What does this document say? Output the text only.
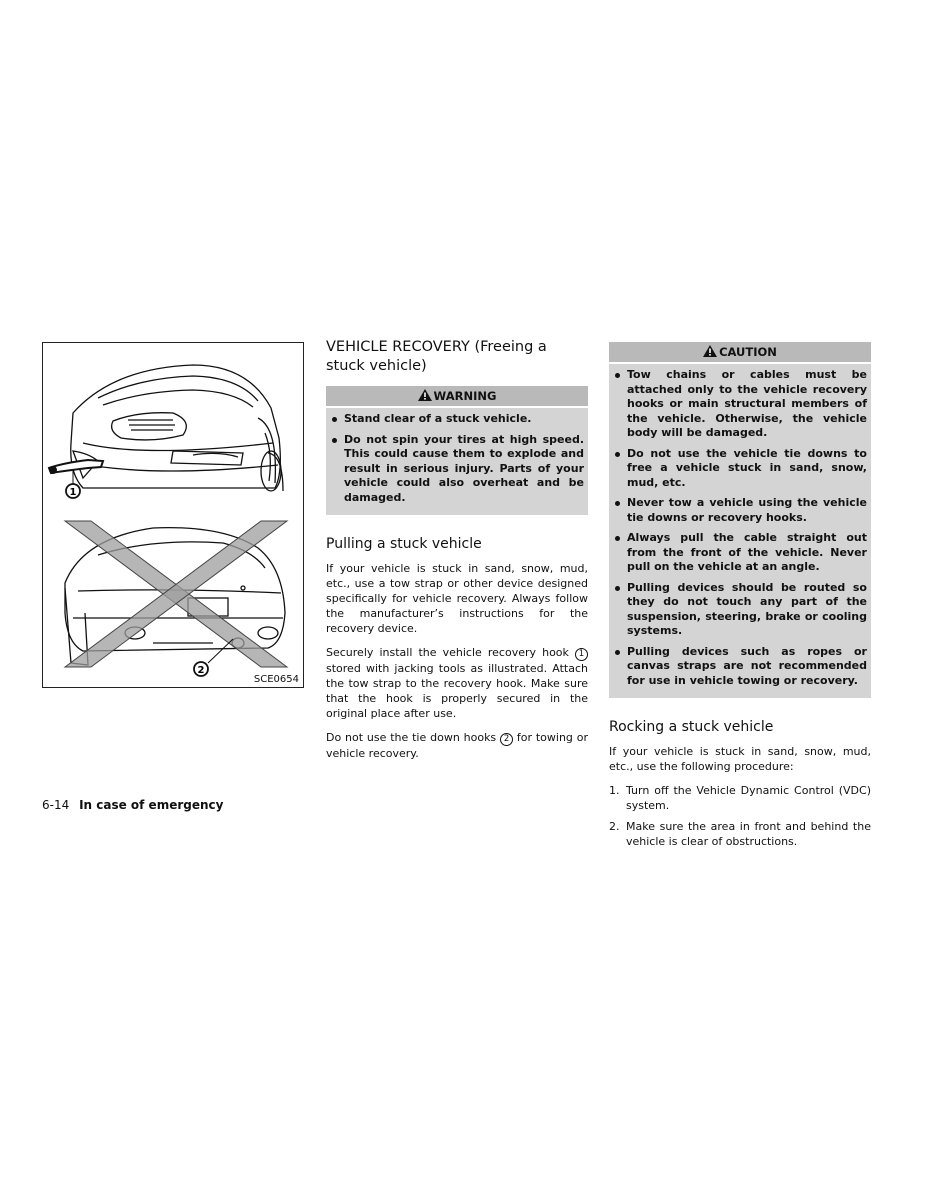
1
2
SCE0654
VEHICLE RECOVERY (Freeing a stuck vehicle)
WARNING
Stand clear of a stuck vehicle.
Do not spin your tires at high speed. This could cause them to explode and result in serious injury. Parts of your vehicle could also overheat and be damaged.
Pulling a stuck vehicle

If your vehicle is stuck in sand, snow, mud, etc., use a tow strap or other device designed specifically for vehicle recovery. Always follow the manufacturer’s instructions for the recovery device.

Securely install the vehicle recovery hook 1 stored with jacking tools as illustrated. Attach the tow strap to the recovery hook. Make sure that the hook is properly secured in the original place after use.

Do not use the tie down hooks 2 for towing or vehicle recovery.

CAUTION
Tow chains or cables must be attached only to the vehicle recovery hooks or main structural members of the vehicle. Otherwise, the vehicle body will be damaged.
Do not use the vehicle tie downs to free a vehicle stuck in sand, snow, mud, etc.
Never tow a vehicle using the vehicle tie downs or recovery hooks.
Always pull the cable straight out from the front of the vehicle. Never pull on the vehicle at an angle.
Pulling devices should be routed so they do not touch any part of the suspension, steering, brake or cooling systems.
Pulling devices such as ropes or canvas straps are not recommended for use in vehicle towing or recovery.
Rocking a stuck vehicle

If your vehicle is stuck in sand, snow, mud, etc., use the following procedure:

1. Turn off the Vehicle Dynamic Control (VDC) system.
2. Make sure the area in front and behind the vehicle is clear of obstructions.
6-14 In case of emergency
